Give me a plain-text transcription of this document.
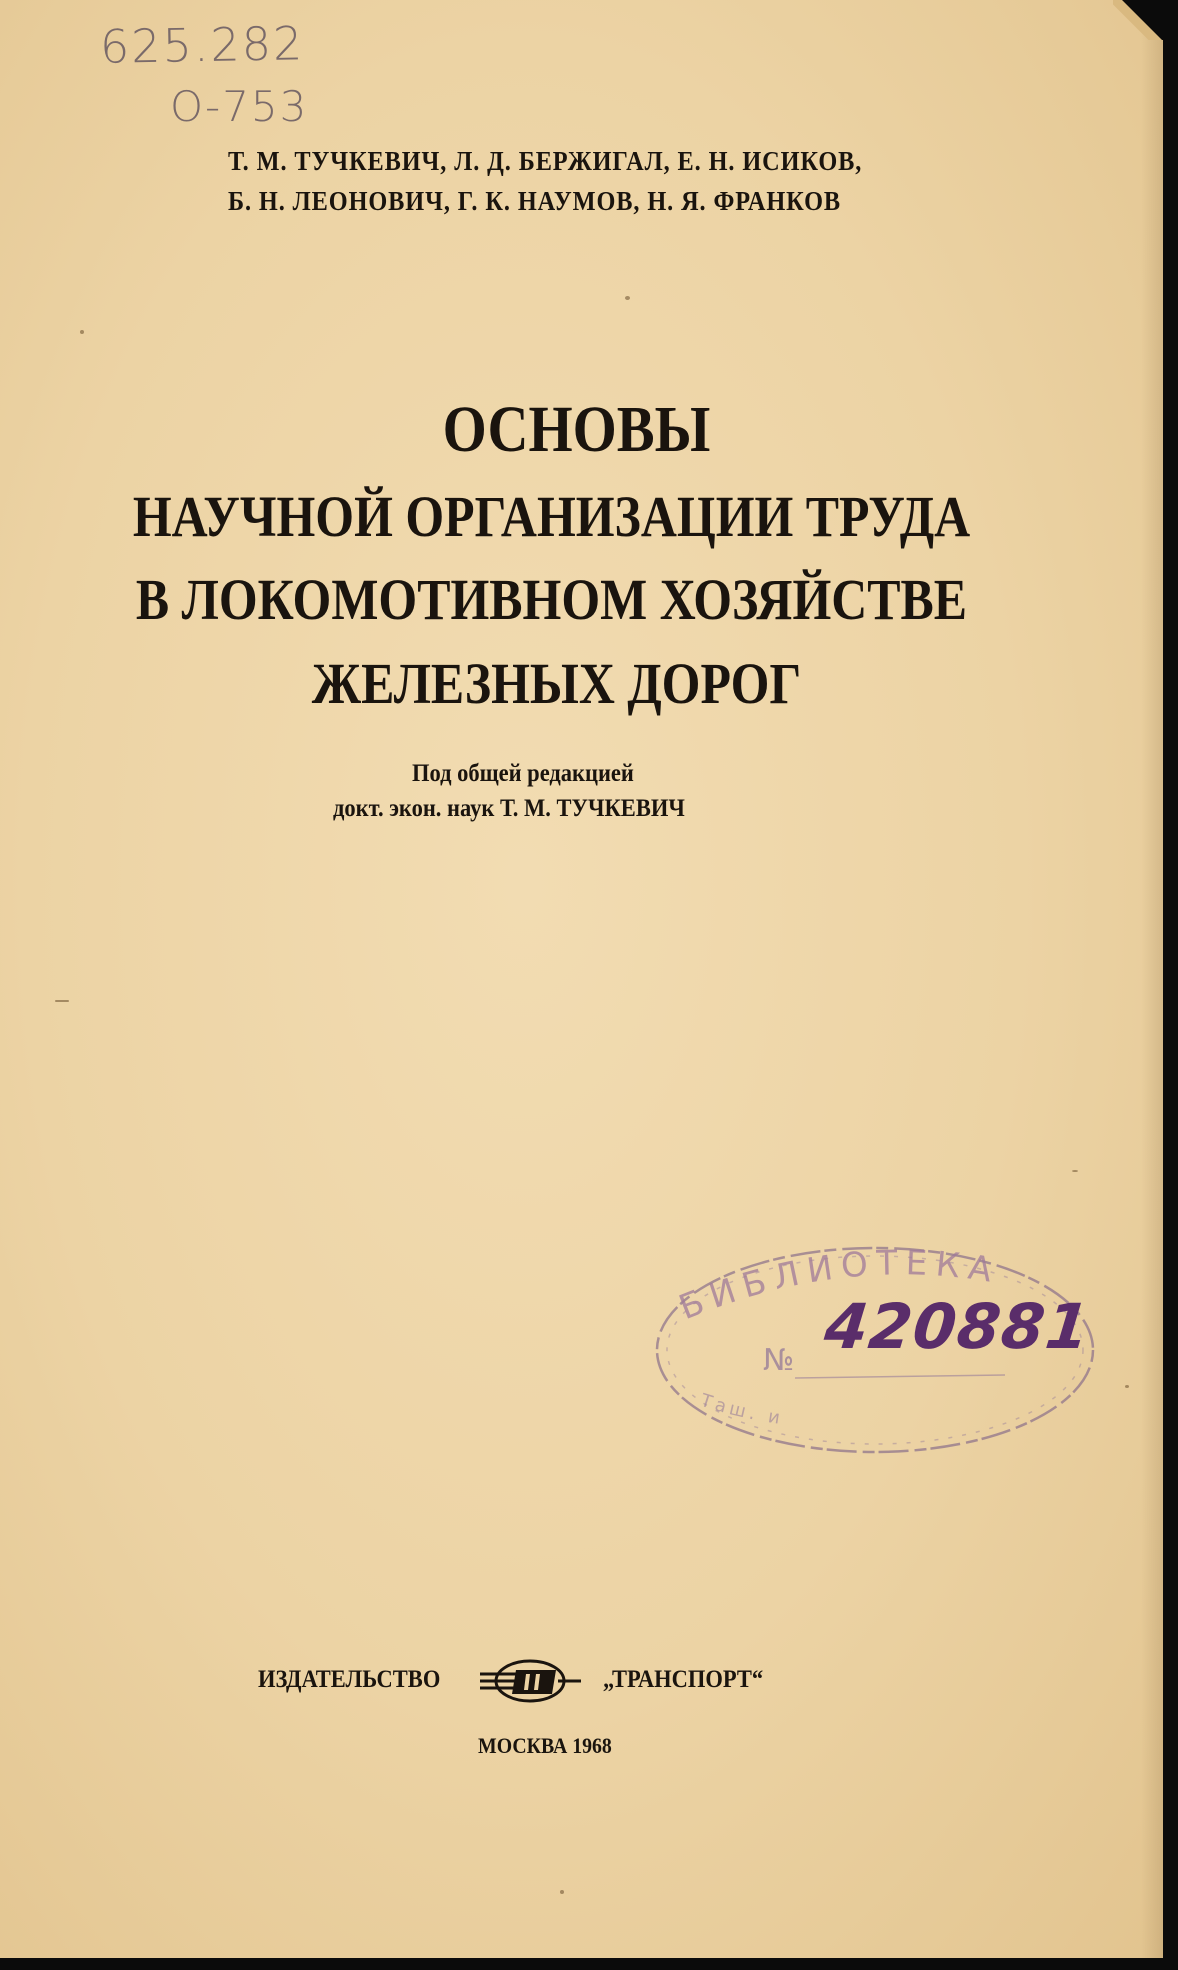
625.282
О-753
Т. М. ТУЧКЕВИЧ, Л. Д. БЕРЖИГАЛ, Е. Н. ИСИКОВ,
Б. Н. ЛЕОНОВИЧ, Г. К. НАУМОВ, Н. Я. ФРАНКОВ
ОСНОВЫ
НАУЧНОЙ ОРГАНИЗАЦИИ ТРУДА
В ЛОКОМОТИВНОМ ХОЗЯЙСТВЕ
ЖЕЛЕЗНЫХ ДОРОГ
Под общей редакцией
докт. экон. наук Т. М. ТУЧКЕВИЧ
БИБЛИОТЕКА
№
Таш. и
420881
ИЗДАТЕЛЬСТВО	„ТРАНСПОРТ“
МОСКВА 1968
